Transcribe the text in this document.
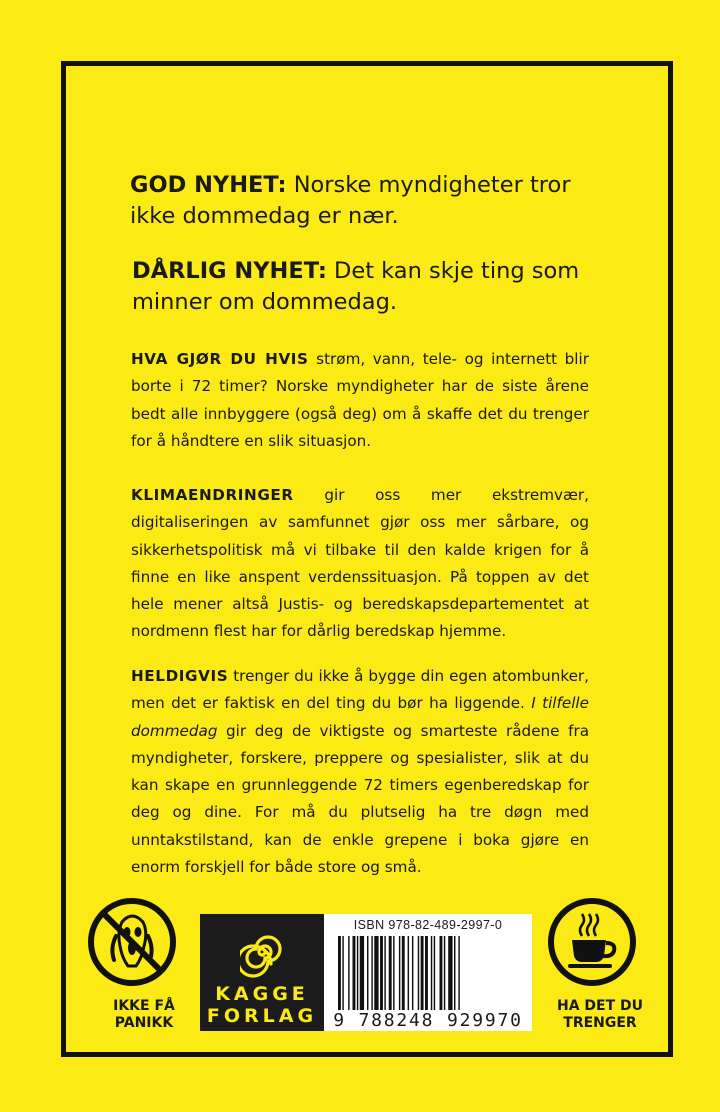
GOD NYHET: Norske myndigheter tror ikke dommedag er nær.
DÅRLIG NYHET: Det kan skje ting som minner om dommedag.
HVA GJØR DU HVIS strøm, vann, tele- og internett blir borte i 72 timer? Norske myndigheter har de siste årene bedt alle innbyggere (også deg) om å skaffe det du trenger for å håndtere en slik situasjon.
KLIMAENDRINGER gir oss mer ekstremvær, digitaliseringen av samfunnet gjør oss mer sårbare, og sikkerhetspolitisk må vi tilbake til den kalde krigen for å finne en like anspent verdenssituasjon. På toppen av det hele mener altså Justis- og beredskapsdepartementet at nordmenn flest har for dårlig beredskap hjemme.
HELDIGVIS trenger du ikke å bygge din egen atombunker, men det er faktisk en del ting du bør ha liggende. I tilfelle dommedag gir deg de viktigste og smarteste rådene fra myndigheter, forskere, preppere og spesialister, slik at du kan skape en grunnleggende 72 timers egenberedskap for deg og dine. For må du plutselig ha tre døgn med unntakstilstand, kan de enkle grepene i boka gjøre en enorm forskjell for både store og små.
IKKE FÅ
PANIKK
KAGGE
FORLAG
ISBN 978-82-489-2997-0
9 788248 929970
HA DET DU
TRENGER
